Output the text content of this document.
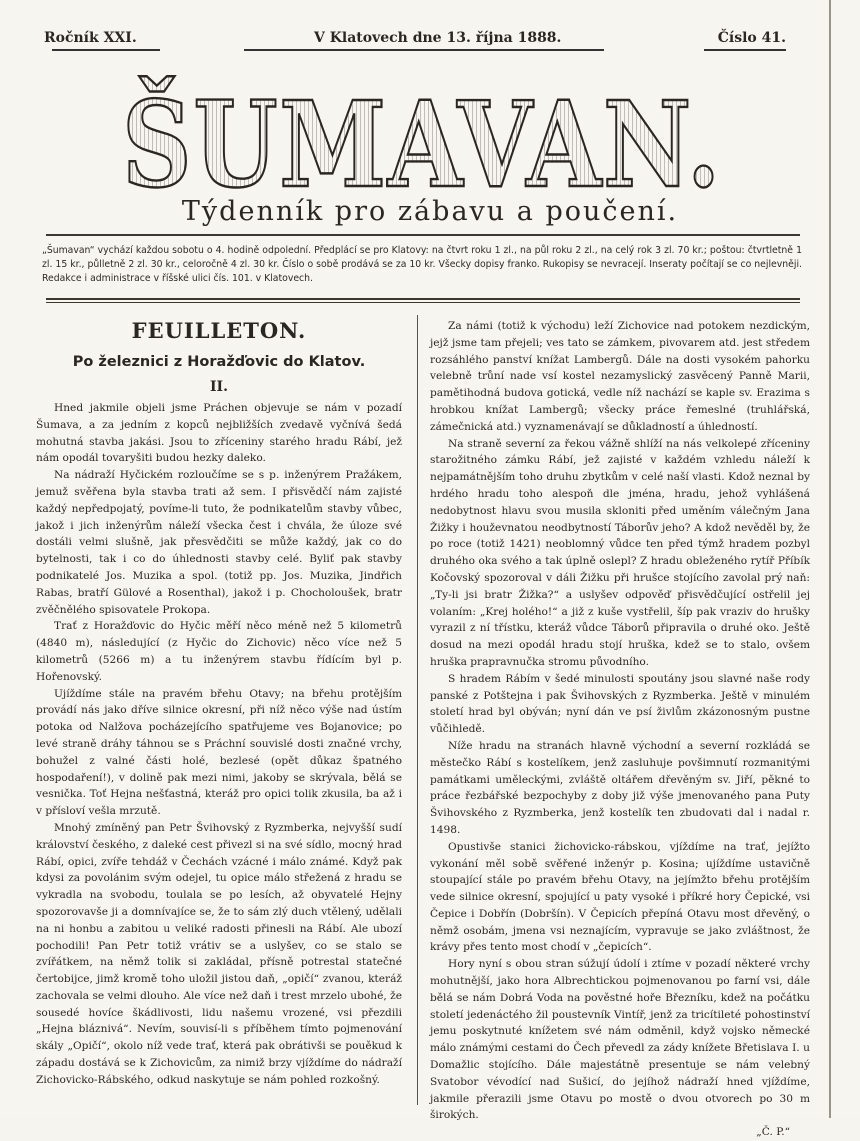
Ročník XXI.	V Klatovech dne 13. října 1888.	Číslo 41.
ŠUMAVAN.
Týdenník pro zábavu a poučení.
„Šumavan“ vychází každou sobotu o 4. hodině odpolední. Předplácí se pro Klatovy: na čtvrt roku 1 zl., na půl roku 2 zl., na celý rok 3 zl. 70 kr.; poštou: čtvrtletně 1 zl. 15 kr., půlletně 2 zl. 30 kr., celoročně 4 zl. 30 kr. Číslo o sobě prodává se za 10 kr. Všecky dopisy franko. Rukopisy se nevracejí. Inseraty počítají se co nejlevněji. Redakce i administrace v říšské ulici čís. 101. v Klatovech.
FEUILLETON.
Po železnici z Horažďovic do Klatov.
II.

Hned jakmile objeli jsme Práchen objevuje se nám v pozadí Šumava, a za jedním z kopců nejbližších zvedavě vyčnívá šedá mohutná stavba jakási. Jsou to zříceniny starého hradu Rábí, jež nám opodál tovaryšiti budou hezky daleko.

Na nádraží Hyčickém rozloučíme se s p. inženýrem Pražákem, jemuž svěřena byla stavba trati až sem. I přisvědčí nám zajisté každý nepředpojatý, povíme-li tuto, že podnikatelům stavby vůbec, jakož i jich inženýrům náleží všecka čest i chvála, že úloze své dostáli velmi slušně, jak přesvědčiti se může každý, jak co do bytelnosti, tak i co do úhlednosti stavby celé. Byliť pak stavby podnikatelé Jos. Muzika a spol. (totiž pp. Jos. Muzika, Jindřich Rabas, bratří Gülové a Rosenthal), jakož i p. Chocholoušek, bratr zvěčnělého spisovatele Prokopa.

Trať z Horažďovic do Hyčic měří něco méně než 5 kilometrů (4840 m), následující (z Hyčic do Zichovic) něco více než 5 kilometrů (5266 m) a tu inženýrem stavbu řídícím byl p. Hořenovský.

Ujíždíme stále na pravém břehu Otavy; na břehu protějším provádí nás jako dříve silnice okresní, při níž něco výše nad ústím potoka od Nalžova pocházejícího spatřujeme ves Bojanovice; po levé straně dráhy táhnou se s Práchní souvislé dosti značné vrchy, bohužel z valné části holé, bezlesé (opět důkaz špatného hospodaření!), v dolině pak mezi nimi, jakoby se skrývala, bělá se vesnička. Toť Hejna nešťastná, kteráž pro opici tolik zkusila, ba až i v přísloví vešla mrzutě.

Mnohý zmíněný pan Petr Švihovský z Ryzmberka, nejvyšší sudí království českého, z daleké cest přivezl si na své sídlo, mocný hrad Rábí, opici, zvíře tehdáž v Čechách vzácné i málo známé. Když pak kdysi za povolánim svým odejel, tu opice málo střežená z hradu se vykradla na svobodu, toulala se po lesích, až obyvatelé Hejny spozorovavše ji a domnívajíce se, že to sám zlý duch vtělený, udělali na ni honbu a zabitou u veliké radosti přinesli na Rábí. Ale ubozí pochodili! Pan Petr totiž vrátiv se a uslyšev, co se stalo se zvířátkem, na němž tolik si zakládal, přísně potrestal statečné čertobijce, jimž kromě toho uložil jistou daň, „opičí“ zvanou, kteráž zachovala se velmi dlouho. Ale více než daň i trest mrzelo ubohé, že sousedé hovíce škádlivosti, lidu našemu vrozené, vsi přezdili „Hejna bláznivá“. Nevím, souvisí-li s příběhem tímto pojmenování skály „Opičí“, okolo níž vede trať, která pak obrátivši se pouěkud k západu dostává se k Zichovicům, za nimiž brzy vjíždíme do nádraží Zichovicko-Rábského, odkud naskytuje se nám pohled rozkošný.

Za námi (totiž k východu) leží Zichovice nad potokem nezdickým, jejž jsme tam přejeli; ves tato se zámkem, pivovarem atd. jest středem rozsáhlého panství knížat Lambergů. Dále na dosti vysokém pahorku velebně trůní nade vsí kostel nezamyslický zasvěcený Panně Marii, pamětihodná budova gotická, vedle níž nachází se kaple sv. Erazima s hrobkou knížat Lambergů; všecky práce řemeslné (truhlářská, zámečnická atd.) vyznamenávají se důkladností a úhledností.

Na straně severní za řekou vážně shlíží na nás velkolepé zříceniny starožitného zámku Rábí, jež zajisté v každém vzhledu náleží k nejpamátnějším toho druhu zbytkům v celé naší vlasti. Kdož neznal by hrdého hradu toho alespoň dle jména, hradu, jehož vyhlášená nedobytnost hlavu svou musila skloniti před uměním válečným Jana Žižky i houževnatou neodbytností Táborův jeho? A kdož nevěděl by, že po roce (totiž 1421) neoblomný vůdce ten před týmž hradem pozbyl druhého oka svého a tak úplně oslepl? Z hradu obleženého rytíř Příbík Kočovský spozoroval v dáli Žižku při hrušce stojícího zavolal prý naň: „Ty-li jsi bratr Žižka?“ a uslyšev odpověď přisvědčující ostřelil jej volaním: „Krej holého!“ a již z kuše vystřelil, šíp pak vraziv do hrušky vyrazil z ní třístku, kteráž vůdce Táborů připravila o druhé oko. Ještě dosud na mezi opodál hradu stojí hruška, kdež se to stalo, ovšem hruška prapravnučka stromu původního.

S hradem Rábím v šedé minulosti spoutány jsou slavné naše rody panské z Potštejna i pak Švihovských z Ryzmberka. Ještě v minulém století hrad byl obýván; nyní dán ve psí živlům zkázonosným pustne vůčihledě.

Níže hradu na stranách hlavně východní a severní rozkládá se městečko Rábí s kostelíkem, jenž zasluhuje povšimnutí rozmanitými památkami uměleckými, zvláště oltářem dřevěným sv. Jiří, pěkné to práce řezbářské bezpochyby z doby již výše jmenovaného pana Puty Švihovského z Ryzmberka, jenž kostelík ten zbudovati dal i nadal r. 1498.

Opustivše stanici žichovicko-rábskou, vjíždíme na trať, jejížto vykonání měl sobě svěřené inženýr p. Kosina; ujíždíme ustavičně stoupající stále po pravém břehu Otavy, na jejímžto břehu protějším vede silnice okresní, spojující u paty vysoké i příkré hory Čepické, vsi Čepice i Dobřín (Dobršín). V Čepicích přepíná Otavu most dřevěný, o němž osobám, jmena vsi neznajícím, vypravuje se jako zvláštnost, že krávy přes tento most chodí v „čepicích“.

Hory nyní s obou stran súžují údolí i ztíme v pozadí některé vrchy mohutnější, jako hora Albrechtickou pojmenovanou po farní vsi, dále bělá se nám Dobrá Voda na pověstné hoře Březníku, kdež na počátku století jedenáctého žil poustevník Vintíř, jenž za tricítileté pohostinství jemu poskytnuté knížetem své nám odměnil, když vojsko německé málo známými cestami do Čech převedl za zády knížete Břetislava I. u Domažlic stojícího. Dále majestátně presentuje se nám velebný Svatobor vévodící nad Sušicí, do jejíhož nádraží hned vjíždíme, jakmile přerazili jsme Otavu po mostě o dvou otvorech po 30 m širokých.

„Č. P.“
